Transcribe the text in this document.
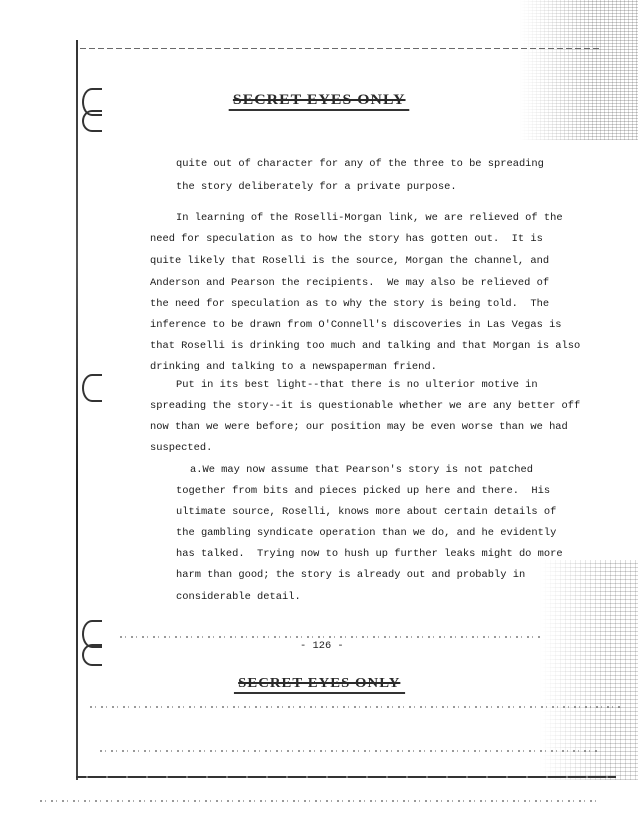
SECRET EYES ONLY
quite out of character for any of the three to be spreading
the story deliberately for a private purpose.
In learning of the Roselli-Morgan link, we are relieved of the
need for speculation as to how the story has gotten out.  It is
quite likely that Roselli is the source, Morgan the channel, and
Anderson and Pearson the recipients.  We may also be relieved of
the need for speculation as to why the story is being told.  The
inference to be drawn from O'Connell's discoveries in Las Vegas is
that Roselli is drinking too much and talking and that Morgan is also
drinking and talking to a newspaperman friend.
Put in its best light--that there is no ulterior motive in
spreading the story--it is questionable whether we are any better off
now than we were before; our position may be even worse than we had
suspected.
a.We may now assume that Pearson's story is not patched
together from bits and pieces picked up here and there.  His
ultimate source, Roselli, knows more about certain details of
the gambling syndicate operation than we do, and he evidently
has talked.  Trying now to hush up further leaks might do more
harm than good; the story is already out and probably in
considerable detail.
- 126 -
SECRET EYES ONLY
